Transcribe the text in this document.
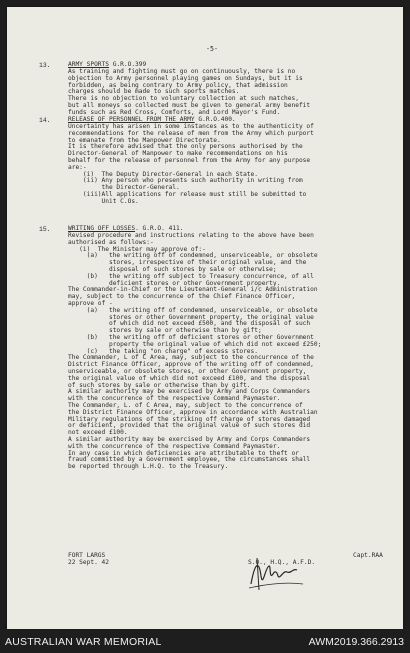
-5-
13.	ARMY SPORTS G.R.O.399
As training and fighting must go on continuously, there is no
objection to Army personnel playing games on Sundays, but it is
forbidden, as being contrary to Army policy, that admission
charges should be made to such sports matches.
There is no objection to voluntary collection at such matches,
but all moneys so collected must be given to general army benefit
funds such as Red Cross, Comforts, and Lord Mayor's Fund.
14.	RELEASE OF PERSONNEL FROM THE ARMY G.R.O.400.
Uncertainty has arisen in some instances as to the authenticity of
recommendations for the release of men from the Army which purport
to emanate from the Manpower Directorate.
It is therefore advised that the only persons authorised by the
Director-General of Manpower to make recommendations on his
behalf for the release of personnel from the Army for any purpose
are:-
(i)  The Deputy Director-General in each State.
(ii) Any person who presents such authority in writing from
the Director-General.
(iii)All applications for release must still be submitted to
Unit C.Os.
15.	WRITING OFF LOSSES. G.R.O. 411.
Revised procedure and instructions relating to the above have been
authorised as follows:-
(i)  The Minister may approve of:-
(a)   the writing off of condemned, unserviceable, or obsolete
stores, irrespective of their original value, and the
disposal of such stores by sale or otherwise;
(b)   the writing off subject to Treasury concurrence, of all
deficient stores or other Government property.
The Commander-in-Chief or the Lieutenant-General i/c Administration
may, subject to the concurrence of the Chief Finance Officer,
approve of -
(a)   the writing off of condemned, unserviceable, or obsolete
stores or other Government property, the original value
of which did not exceed £500, and the disposal of such
stores by sale or otherwise than by gift;
(b)   the writing off of deficient stores or other Government
property the original value of which did not exceed £250;
(c)   the taking "on charge" of excess stores.
The Commander, L of C Area, may, subject to the concurrence of the
District Finance Officer, approve of the writing off of condemned,
unserviceable, or obsolete stores, or other Government property,
the original value of which did not exceed £100, and the disposal
of such stores by sale or otherwise than by gift.
A similar authority may be exercised by Army and Corps Commanders
with the concurrence of the respective Command Paymaster.
The Commander, L. of C Area, may, subject to the concurrence of
the District Finance Officer, approve in accordance with Australian
Military regulations of the striking off charge of stores damaged
or deficient, provided that the original value of such stores did
not exceed £100.
A similar authority may be exercised by Army and Corps Commanders
with the concurrence of the respective Command Paymaster.
In any case in which deficiencies are attributable to theft or
fraud committed by a Government employee, the circumstances shall
be reported through L.H.Q. to the Treasury.
FORT LARGS
22 Sept. 42
Capt.RAA
S.O., H.Q., A.F.D.
AUSTRALIAN WAR MEMORIAL	AWM2019.366.2913
